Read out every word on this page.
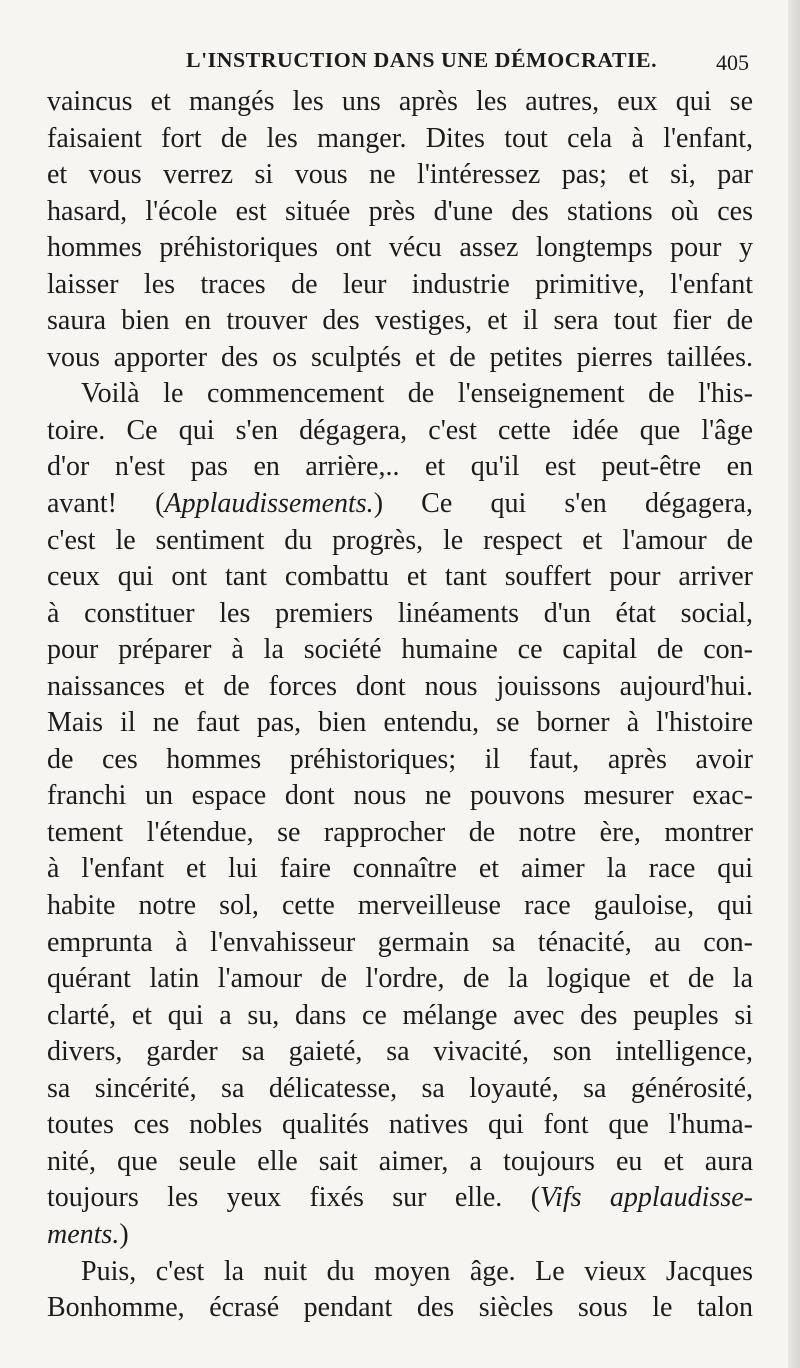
L'INSTRUCTION DANS UNE DÉMOCRATIE.	405
vaincus et mangés les uns après les autres, eux qui se
faisaient fort de les manger. Dites tout cela à l'enfant,
et vous verrez si vous ne l'intéressez pas; et si, par
hasard, l'école est située près d'une des stations où ces
hommes préhistoriques ont vécu assez longtemps pour y
laisser les traces de leur industrie primitive, l'enfant
saura bien en trouver des vestiges, et il sera tout fier de
vous apporter des os sculptés et de petites pierres taillées.
Voilà le commencement de l'enseignement de l'his-
toire. Ce qui s'en dégagera, c'est cette idée que l'âge
d'or n'est pas en arrière,.. et qu'il est peut-être en
avant! (Applaudissements.) Ce qui s'en dégagera,
c'est le sentiment du progrès, le respect et l'amour de
ceux qui ont tant combattu et tant souffert pour arriver
à constituer les premiers linéaments d'un état social,
pour préparer à la société humaine ce capital de con-
naissances et de forces dont nous jouissons aujourd'hui.
Mais il ne faut pas, bien entendu, se borner à l'histoire
de ces hommes préhistoriques; il faut, après avoir
franchi un espace dont nous ne pouvons mesurer exac-
tement l'étendue, se rapprocher de notre ère, montrer
à l'enfant et lui faire connaître et aimer la race qui
habite notre sol, cette merveilleuse race gauloise, qui
emprunta à l'envahisseur germain sa ténacité, au con-
quérant latin l'amour de l'ordre, de la logique et de la
clarté, et qui a su, dans ce mélange avec des peuples si
divers, garder sa gaieté, sa vivacité, son intelligence,
sa sincérité, sa délicatesse, sa loyauté, sa générosité,
toutes ces nobles qualités natives qui font que l'huma-
nité, que seule elle sait aimer, a toujours eu et aura
toujours les yeux fixés sur elle. (Vifs applaudisse-
ments.)
Puis, c'est la nuit du moyen âge. Le vieux Jacques
Bonhomme, écrasé pendant des siècles sous le talon
